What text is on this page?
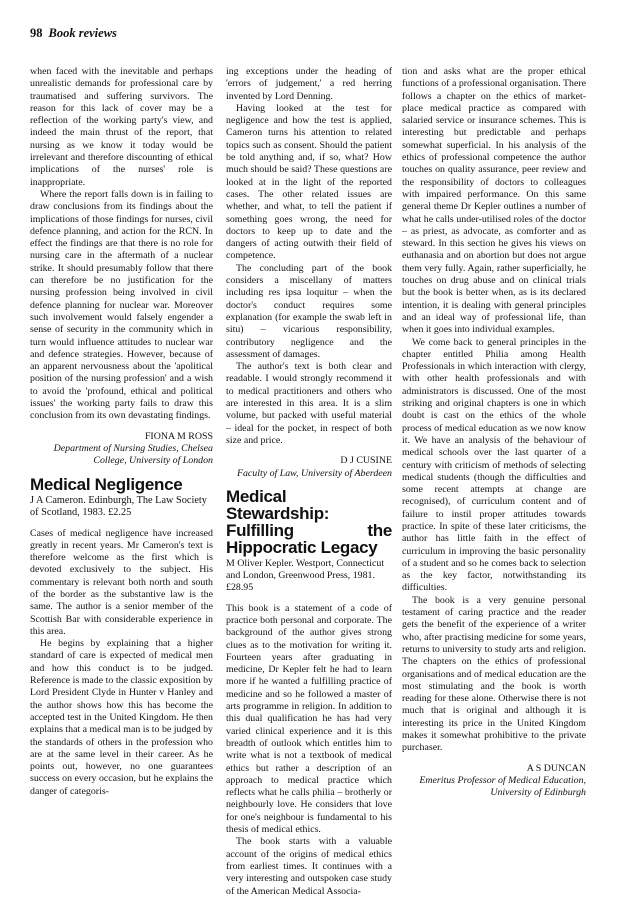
98 Book reviews

when faced with the inevitable and perhaps unrealistic demands for professional care by traumatised and suffering survivors. The reason for this lack of cover may be a reflection of the working party's view, and indeed the main thrust of the report, that nursing as we know it today would be irrelevant and therefore discounting of ethical implications of the nurses' role is inappropriate.

Where the report falls down is in failing to draw conclusions from its findings about the implications of those findings for nurses, civil defence planning, and action for the RCN. In effect the findings are that there is no role for nursing care in the aftermath of a nuclear strike. It should presumably follow that there can therefore be no justification for the nursing profession being involved in civil defence planning for nuclear war. Moreover such involvement would falsely engender a sense of security in the community which in turn would influence attitudes to nuclear war and defence strategies. However, because of an apparent nervousness about the 'apolitical position of the nursing profession' and a wish to avoid the 'profound, ethical and political issues' the working party fails to draw this conclusion from its own devastating findings.

FIONA M ROSS
Department of Nursing Studies, Chelsea College, University of London
Medical Negligence
J A Cameron. Edinburgh, The Law Society of Scotland, 1983. £2.25

Cases of medical negligence have increased greatly in recent years. Mr Cameron's text is therefore welcome as the first which is devoted exclusively to the subject. His commentary is relevant both north and south of the border as the substantive law is the same. The author is a senior member of the Scottish Bar with considerable experience in this area.

He begins by explaining that a higher standard of care is expected of medical men and how this conduct is to be judged. Reference is made to the classic exposition by Lord President Clyde in Hunter v Hanley and the author shows how this has become the accepted test in the United Kingdom. He then explains that a medical man is to be judged by the standards of others in the profession who are at the same level in their career. As he points out, however, no one guarantees success on every occasion, but he explains the danger of categoris-

ing exceptions under the heading of 'errors of judgement,' a red herring invented by Lord Denning.

Having looked at the test for negligence and how the test is applied, Cameron turns his attention to related topics such as consent. Should the patient be told anything and, if so, what? How much should be said? These questions are looked at in the light of the reported cases. The other related issues are whether, and what, to tell the patient if something goes wrong, the need for doctors to keep up to date and the dangers of acting outwith their field of competence.

The concluding part of the book considers a miscellany of matters including res ipsa loquitur – when the doctor's conduct requires some explanation (for example the swab left in situ) – vicarious responsibility, contributory negligence and the assessment of damages.

The author's text is both clear and readable. I would strongly recommend it to medical practitioners and others who are interested in this area. It is a slim volume, but packed with useful material – ideal for the pocket, in respect of both size and price.

D J CUSINE
Faculty of Law, University of Aberdeen
Medical Stewardship: Fulfilling the Hippocratic Legacy
M Oliver Kepler. Westport, Connecticut and London, Greenwood Press, 1981. £28.95

This book is a statement of a code of practice both personal and corporate. The background of the author gives strong clues as to the motivation for writing it. Fourteen years after graduating in medicine, Dr Kepler felt he had to learn more if he wanted a fulfilling practice of medicine and so he followed a master of arts programme in religion. In addition to this dual qualification he has had very varied clinical experience and it is this breadth of outlook which entitles him to write what is not a textbook of medical ethics but rather a description of an approach to medical practice which reflects what he calls philia – brotherly or neighbourly love. He considers that love for one's neighbour is fundamental to his thesis of medical ethics.

The book starts with a valuable account of the origins of medical ethics from earliest times. It continues with a very interesting and outspoken case study of the American Medical Associa-

tion and asks what are the proper ethical functions of a professional organisation. There follows a chapter on the ethics of market-place medical practice as compared with salaried service or insurance schemes. This is interesting but predictable and perhaps somewhat superficial. In his analysis of the ethics of professional competence the author touches on quality assurance, peer review and the responsibility of doctors to colleagues with impaired performance. On this same general theme Dr Kepler outlines a number of what he calls under-utilised roles of the doctor – as priest, as advocate, as comforter and as steward. In this section he gives his views on euthanasia and on abortion but does not argue them very fully. Again, rather superficially, he touches on drug abuse and on clinical trials but the book is better when, as is its declared intention, it is dealing with general principles and an ideal way of professional life, than when it goes into individual examples.

We come back to general principles in the chapter entitled Philia among Health Professionals in which interaction with clergy, with other health professionals and with administrators is discussed. One of the most striking and original chapters is one in which doubt is cast on the ethics of the whole process of medical education as we now know it. We have an analysis of the behaviour of medical schools over the last quarter of a century with criticism of methods of selecting medical students (though the difficulties and some recent attempts at change are recognised), of curriculum content and of failure to instil proper attitudes towards practice. In spite of these later criticisms, the author has little faith in the effect of curriculum in improving the basic personality of a student and so he comes back to selection as the key factor, notwithstanding its difficulties.

The book is a very genuine personal testament of caring practice and the reader gets the benefit of the experience of a writer who, after practising medicine for some years, returns to university to study arts and religion. The chapters on the ethics of professional organisations and of medical education are the most stimulating and the book is worth reading for these alone. Otherwise there is not much that is original and although it is interesting its price in the United Kingdom makes it somewhat prohibitive to the private purchaser.

A S DUNCAN
Emeritus Professor of Medical Education,
University of Edinburgh
